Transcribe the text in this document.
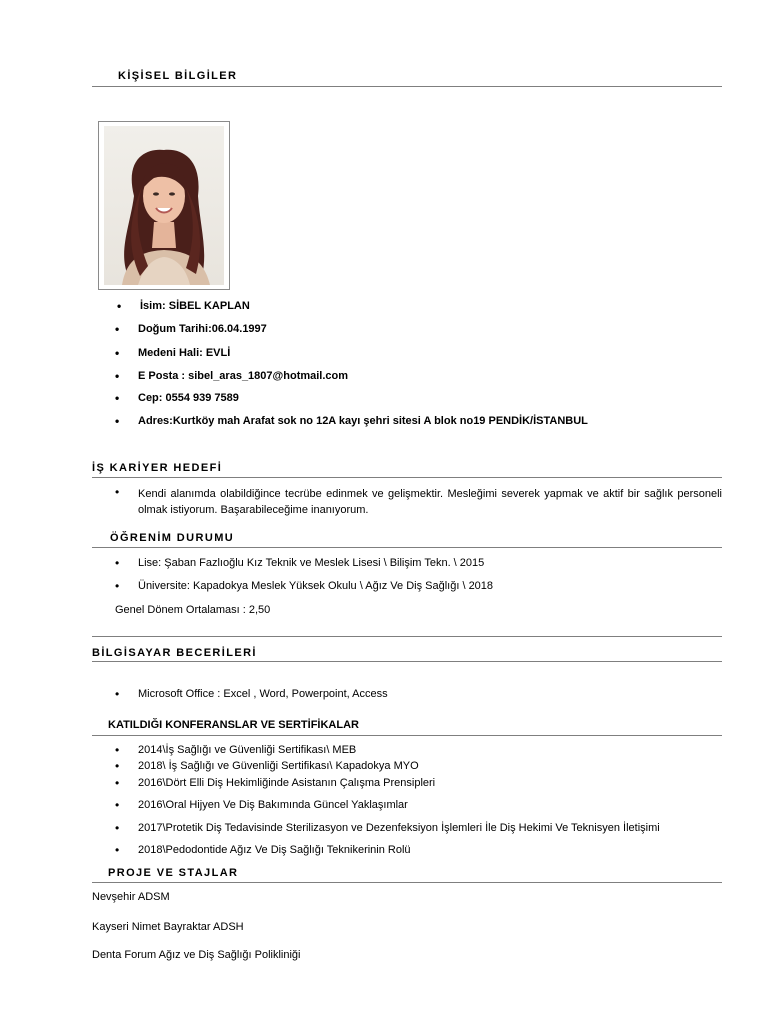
KİŞİSEL BİLGİLER
• İsim: SİBEL KAPLAN
• Doğum Tarihi:06.04.1997
• Medeni Hali: EVLİ
• E Posta : sibel_aras_1807@hotmail.com
• Cep: 0554 939 7589
• Adres:Kurtköy mah Arafat sok no 12A kayı şehri sitesi A blok no19 PENDİK/İSTANBUL
İŞ KARİYER HEDEFİ
• Kendi alanımda olabildiğince tecrübe edinmek ve gelişmektir. Mesleğimi severek yapmak ve aktif bir sağlık personeli olmak istiyorum. Başarabileceğime inanıyorum.
ÖĞRENİM DURUMU
• Lise: Şaban Fazlıoğlu Kız Teknik ve Meslek Lisesi \ Bilişim Tekn. \ 2015
• Üniversite: Kapadokya Meslek Yüksek Okulu \ Ağız Ve Diş Sağlığı \ 2018
Genel Dönem Ortalaması : 2,50
BİLGİSAYAR BECERİLERİ
• Microsoft Office : Excel , Word, Powerpoint, Access
KATILDIĞI KONFERANSLAR VE SERTİFİKALAR
• 2014\İş Sağlığı ve Güvenliği Sertifikası\ MEB
• 2018\ İş Sağlığı ve Güvenliği Sertifikası\ Kapadokya MYO
• 2016\Dört Elli Diş Hekimliğinde Asistanın Çalışma Prensipleri
• 2016\Oral Hijyen Ve Diş Bakımında Güncel Yaklaşımlar
• 2017\Protetik Diş Tedavisinde Sterilizasyon ve Dezenfeksiyon İşlemleri İle Diş Hekimi Ve Teknisyen İletişimi
• 2018\Pedodontide Ağız Ve Diş Sağlığı Teknikerinin Rolü
PROJE VE STAJLAR
Nevşehir ADSM
Kayseri Nimet Bayraktar ADSH
Denta Forum Ağız ve Diş Sağlığı Polikliniği
